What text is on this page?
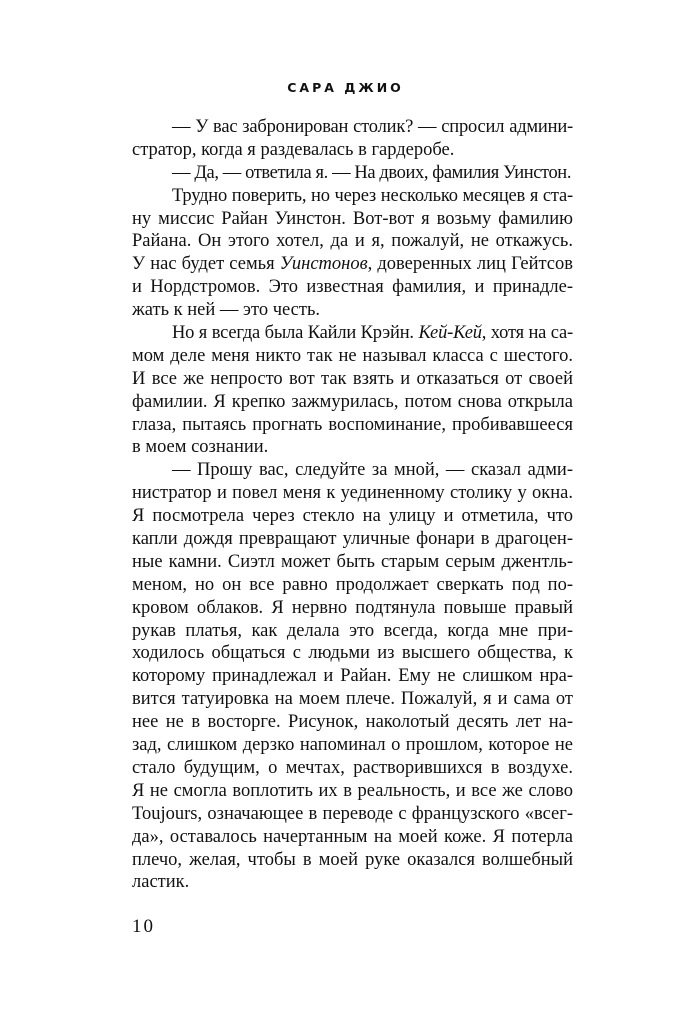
САРА ДЖИО
— У вас забронирован столик? — спросил админи-
стратор, когда я раздевалась в гардеробе.
— Да, — ответила я. — На двоих, фамилия Уинстон.
Трудно поверить, но через несколько месяцев я ста-
ну миссис Райан Уинстон. Вот-вот я возьму фамилию
Райана. Он этого хотел, да и я, пожалуй, не откажусь.
У нас будет семья Уинстонов, доверенных лиц Гейтсов
и Нордстромов. Это известная фамилия, и принадле-
жать к ней — это честь.
Но я всегда была Кайли Крэйн. Кей-Кей, хотя на са-
мом деле меня никто так не называл класса с шестого.
И все же непросто вот так взять и отказаться от своей
фамилии. Я крепко зажмурилась, потом снова открыла
глаза, пытаясь прогнать воспоминание, пробивавшееся
в моем сознании.
— Прошу вас, следуйте за мной, — сказал адми-
нистратор и повел меня к уединенному столику у окна.
Я посмотрела через стекло на улицу и отметила, что
капли дождя превращают уличные фонари в драгоцен-
ные камни. Сиэтл может быть старым серым джентль-
меном, но он все равно продолжает сверкать под по-
кровом облаков. Я нервно подтянула повыше правый
рукав платья, как делала это всегда, когда мне при-
ходилось общаться с людьми из высшего общества, к
которому принадлежал и Райан. Ему не слишком нра-
вится татуировка на моем плече. Пожалуй, я и сама от
нее не в восторге. Рисунок, наколотый десять лет на-
зад, слишком дерзко напоминал о прошлом, которое не
стало будущим, о мечтах, растворившихся в воздухе.
Я не смогла воплотить их в реальность, и все же слово
Toujours, означающее в переводе с французского «всег-
да», оставалось начертанным на моей коже. Я потерла
плечо, желая, чтобы в моей руке оказался волшебный
ластик.
10
